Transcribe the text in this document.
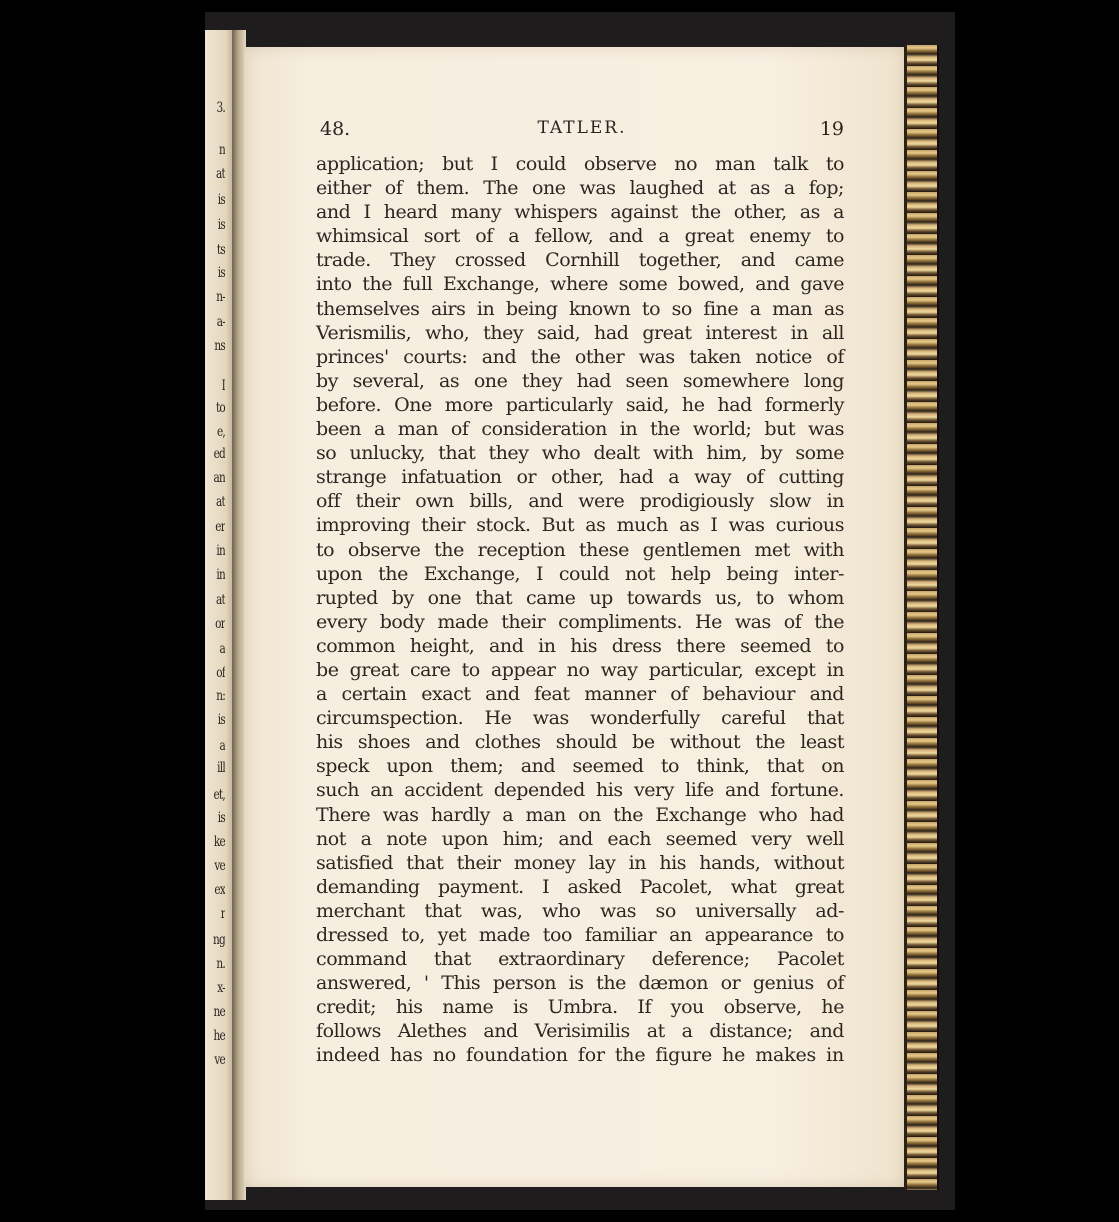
3.
n
at
is
is
ts
is
n-
a-
ns
I
to
e,
ed
an
at
er
in
in
at
or
a
of
n:
is
a
ill
et,
is
ke
ve
ex
r
ng
n.
x-
ne
he
ve
48.	TATLER.	19
application; but I could observe no man talk to
either of them. The one was laughed at as a fop;
and I heard many whispers against the other, as a
whimsical sort of a fellow, and a great enemy to
trade. They crossed Cornhill together, and came
into the full Exchange, where some bowed, and gave
themselves airs in being known to so fine a man as
Verismilis, who, they said, had great interest in all
princes' courts: and the other was taken notice of
by several, as one they had seen somewhere long
before. One more particularly said, he had formerly
been a man of consideration in the world; but was
so unlucky, that they who dealt with him, by some
strange infatuation or other, had a way of cutting
off their own bills, and were prodigiously slow in
improving their stock. But as much as I was curious
to observe the reception these gentlemen met with
upon the Exchange, I could not help being inter-
rupted by one that came up towards us, to whom
every body made their compliments. He was of the
common height, and in his dress there seemed to
be great care to appear no way particular, except in
a certain exact and feat manner of behaviour and
circumspection. He was wonderfully careful that
his shoes and clothes should be without the least
speck upon them; and seemed to think, that on
such an accident depended his very life and fortune.
There was hardly a man on the Exchange who had
not a note upon him; and each seemed very well
satisfied that their money lay in his hands, without
demanding payment. I asked Pacolet, what great
merchant that was, who was so universally ad-
dressed to, yet made too familiar an appearance to
command that extraordinary deference; Pacolet
answered, ' This person is the dæmon or genius of
credit; his name is Umbra. If you observe, he
follows Alethes and Verisimilis at a distance; and
indeed has no foundation for the figure he makes in
